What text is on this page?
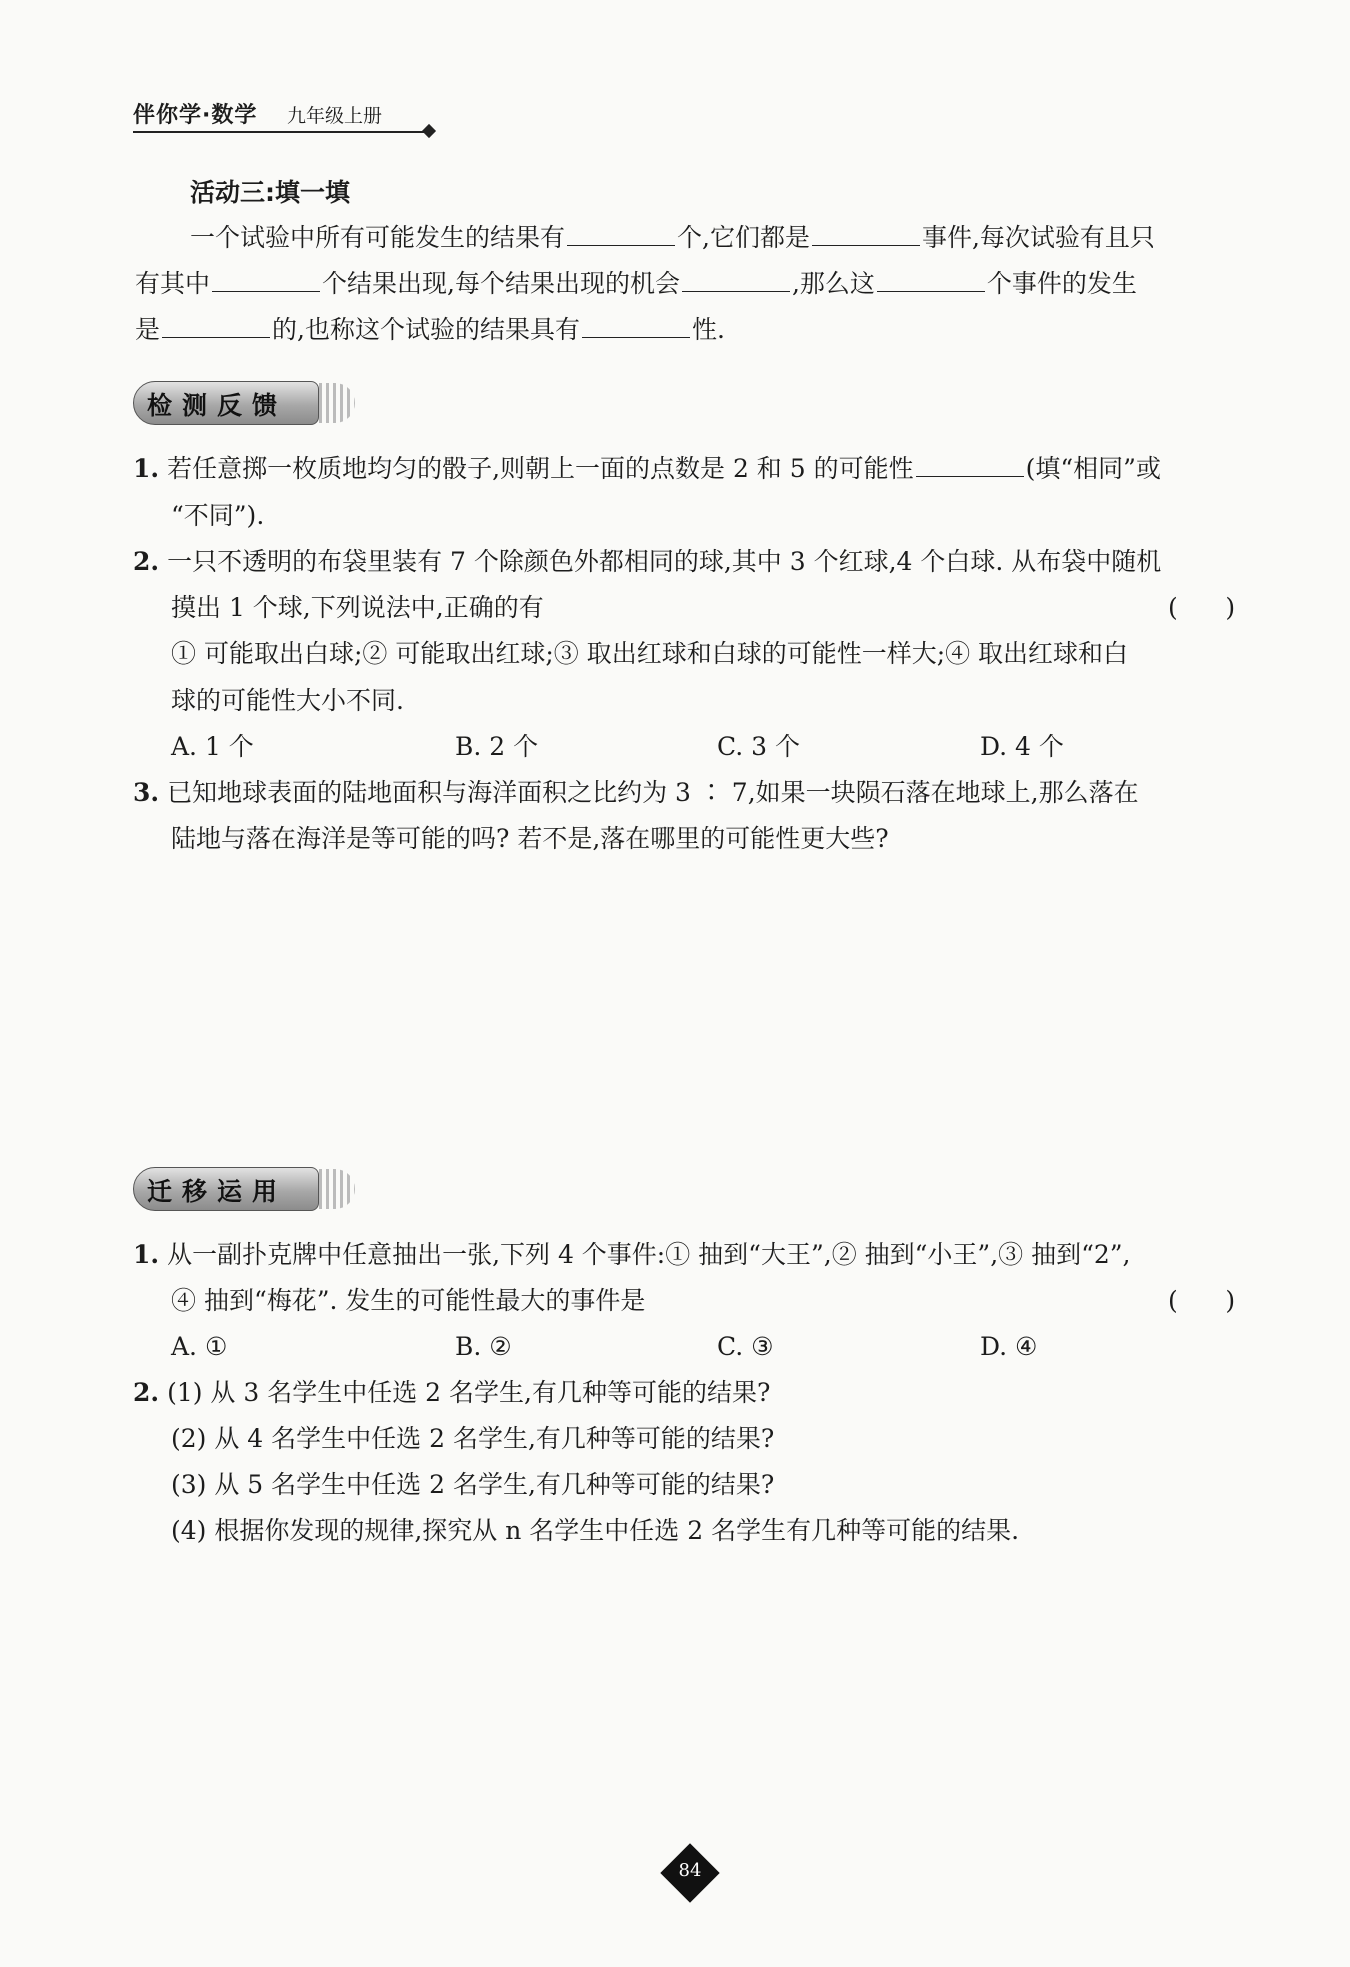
伴你学·数学 九年级上册
活动三:填一填
一个试验中所有可能发生的结果有	个,它们都是	事件,每次试验有且只
有其中	个结果出现,每个结果出现的机会	,那么这	个事件的发生
是	的,也称这个试验的结果具有	性.
检测反馈
1. 若任意掷一枚质地均匀的骰子,则朝上一面的点数是 2 和 5 的可能性	(填“相同”或
“不同”).
2. 一只不透明的布袋里装有 7 个除颜色外都相同的球,其中 3 个红球,4 个白球. 从布袋中随机
摸出 1 个球,下列说法中,正确的有	(      )
① 可能取出白球;② 可能取出红球;③ 取出红球和白球的可能性一样大;④ 取出红球和白
球的可能性大小不同.
A. 1 个	B. 2 个	C. 3 个	D. 4 个
3. 已知地球表面的陆地面积与海洋面积之比约为 3 ∶ 7,如果一块陨石落在地球上,那么落在
陆地与落在海洋是等可能的吗? 若不是,落在哪里的可能性更大些?
迁移运用
1. 从一副扑克牌中任意抽出一张,下列 4 个事件:① 抽到“大王”,② 抽到“小王”,③ 抽到“2”,
④ 抽到“梅花”. 发生的可能性最大的事件是	(      )
A. ①	B. ②	C. ③	D. ④
2. (1) 从 3 名学生中任选 2 名学生,有几种等可能的结果?
(2) 从 4 名学生中任选 2 名学生,有几种等可能的结果?
(3) 从 5 名学生中任选 2 名学生,有几种等可能的结果?
(4) 根据你发现的规律,探究从 n 名学生中任选 2 名学生有几种等可能的结果.
84
